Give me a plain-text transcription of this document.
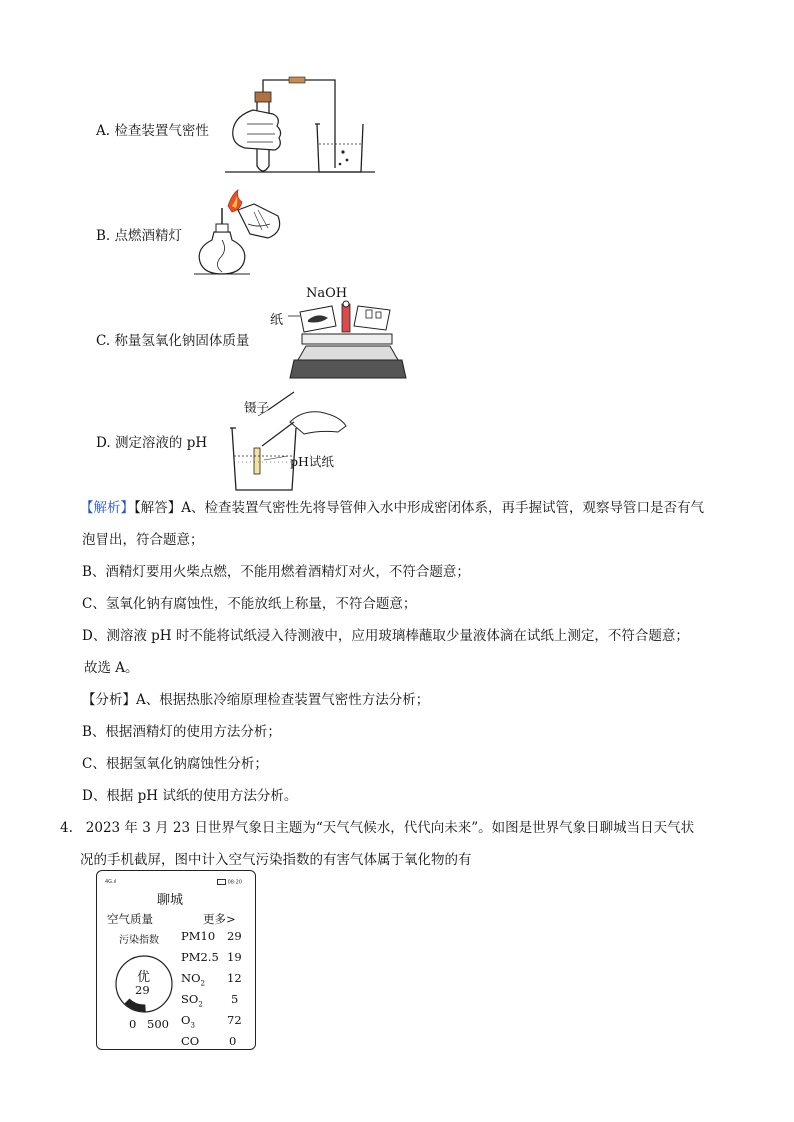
A. 检查装置气密性
B. 点燃酒精灯
C. 称量氢氧化钠固体质量
NaOH
纸
D. 测定溶液的 pH
镊子
pH试纸
【解析】【解答】A、检查装置气密性先将导管伸入水中形成密闭体系，再手握试管，观察导管口是否有气
泡冒出，符合题意；
B、酒精灯要用火柴点燃，不能用燃着酒精灯对火，不符合题意；
C、氢氧化钠有腐蚀性，不能放纸上称量，不符合题意；
D、测溶液 pH 时不能将试纸浸入待测液中，应用玻璃棒蘸取少量液体滴在试纸上测定，不符合题意；
故选 A。
【分析】A、根据热胀冷缩原理检查装置气密性方法分析；
B、根据酒精灯的使用方法分析；
C、根据氢氧化钠腐蚀性分析；
D、根据 pH 试纸的使用方法分析。
4. 2023 年 3 月 23 日世界气象日主题为“天气气候水，代代向未来”。如图是世界气象日聊城当日天气状
况的手机截屏，图中计入空气污染指数的有害气体属于氧化物的有
4G.ıl	08:20
聊城
空气质量	更多>
污染指数
优
29
0 500
PM10 29
PM2.5 19
$NO_2$ 12
$SO_2$ 5
$O_3$	72
CO	0
